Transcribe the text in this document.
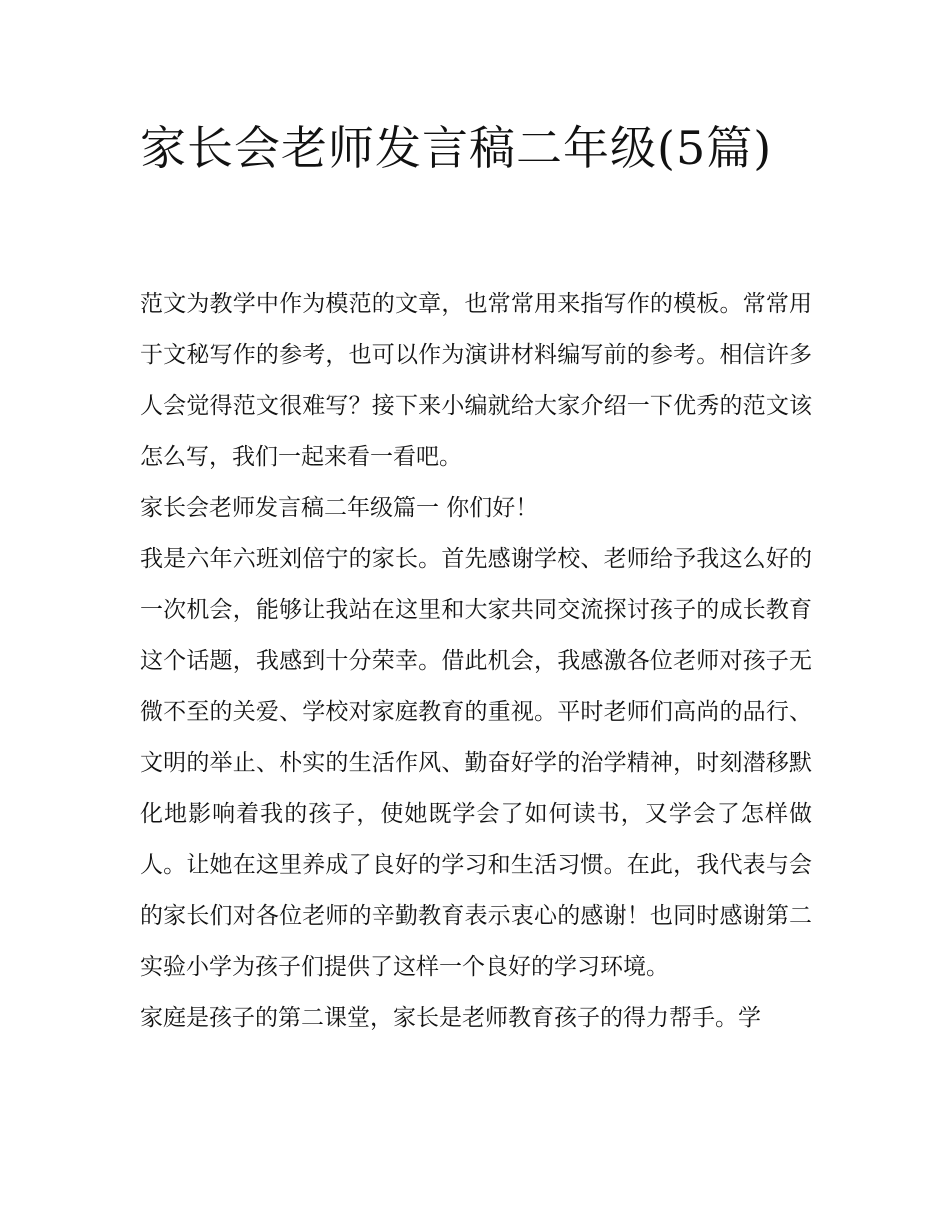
家长会老师发言稿二年级(5篇)

范文为教学中作为模范的文章，也常常用来指写作的模板。常常用于文秘写作的参考，也可以作为演讲材料编写前的参考。相信许多人会觉得范文很难写？接下来小编就给大家介绍一下优秀的范文该怎么写，我们一起来看一看吧。

家长会老师发言稿二年级篇一 你们好！

我是六年六班刘倍宁的家长。首先感谢学校、老师给予我这么好的一次机会，能够让我站在这里和大家共同交流探讨孩子的成长教育这个话题，我感到十分荣幸。借此机会，我感激各位老师对孩子无微不至的关爱、学校对家庭教育的重视。平时老师们高尚的品行、文明的举止、朴实的生活作风、勤奋好学的治学精神，时刻潜移默化地影响着我的孩子，使她既学会了如何读书，又学会了怎样做人。让她在这里养成了良好的学习和生活习惯。在此，我代表与会的家长们对各位老师的辛勤教育表示衷心的感谢！也同时感谢第二实验小学为孩子们提供了这样一个良好的学习环境。

家庭是孩子的第二课堂，家长是老师教育孩子的得力帮手。学
